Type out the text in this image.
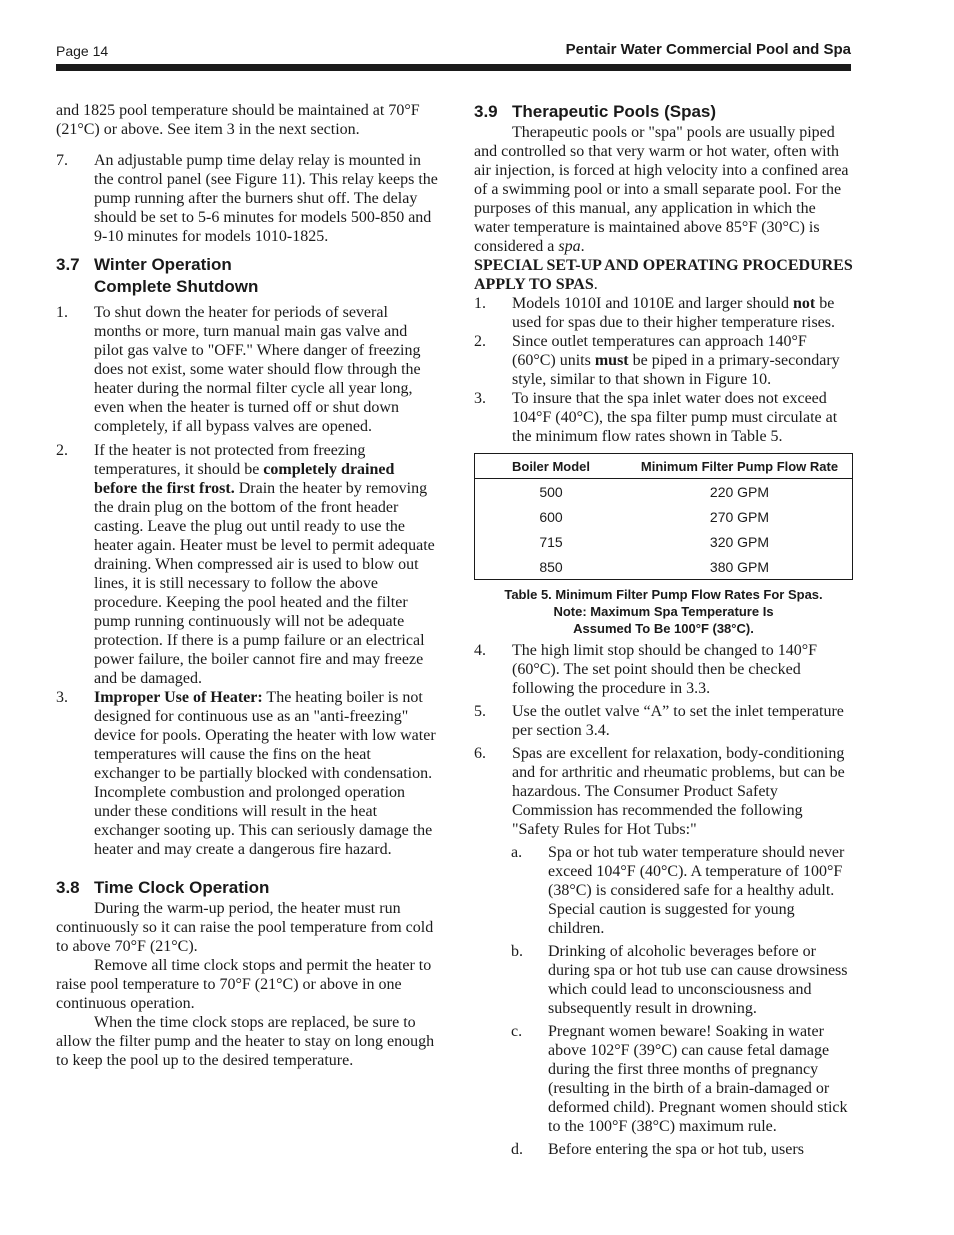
Page 14	Pentair Water Commercial Pool and Spa

and 1825 pool temperature should be maintained at 70°F (21°C) or above. See item 3 in the next section.

7.	An adjustable pump time delay relay is mounted in the control panel (see Figure 11). This relay keeps the pump running after the burners shut off. The delay should be set to 5-6 minutes for models 500-850 and 9-10 minutes for models 1010-1825.
3.7 Winter Operation
Complete Shutdown
1.	To shut down the heater for periods of several months or more, turn manual main gas valve and pilot gas valve to "OFF." Where danger of freezing does not exist, some water should flow through the heater during the normal filter cycle all year long, even when the heater is turned off or shut down completely, if all bypass valves are opened.
2.	If the heater is not protected from freezing temperatures, it should be completely drained before the first frost. Drain the heater by removing the drain plug on the bottom of the front header casting. Leave the plug out until ready to use the heater again. Heater must be level to permit adequate draining. When compressed air is used to blow out lines, it is still necessary to follow the above procedure. Keeping the pool heated and the filter pump running continuously will not be adequate protection. If there is a pump failure or an electrical power failure, the boiler cannot fire and may freeze and be damaged.
3.	Improper Use of Heater: The heating boiler is not designed for continuous use as an "anti-freezing" device for pools. Operating the heater with low water temperatures will cause the fins on the heat exchanger to be partially blocked with condensation. Incomplete combustion and prolonged operation under these conditions will result in the heat exchanger sooting up. This can seriously damage the heater and may create a dangerous fire hazard.
3.8 Time Clock Operation

During the warm-up period, the heater must run continuously so it can raise the pool temperature from cold to above 70°F (21°C).

Remove all time clock stops and permit the heater to raise pool temperature to 70°F (21°C) or above in one continuous operation.

When the time clock stops are replaced, be sure to allow the filter pump and the heater to stay on long enough to keep the pool up to the desired temperature.

3.9 Therapeutic Pools (Spas)

Therapeutic pools or "spa" pools are usually piped and controlled so that very warm or hot water, often with air injection, is forced at high velocity into a confined area of a swimming pool or into a small separate pool. For the purposes of this manual, any application in which the water temperature is maintained above 85°F (30°C) is considered a spa.

SPECIAL SET-UP AND OPERATING PROCEDURES APPLY TO SPAS.

1.	Models 1010I and 1010E and larger should not be used for spas due to their higher temperature rises.
2.	Since outlet temperatures can approach 140°F (60°C) units must be piped in a primary-secondary style, similar to that shown in Figure 10.
3.	To insure that the spa inlet water does not exceed 104°F (40°C), the spa filter pump must circulate at the minimum flow rates shown in Table 5.
Boiler Model	Minimum Filter Pump Flow Rate
500	220 GPM
600	270 GPM
715	320 GPM
850	380 GPM
Table 5. Minimum Filter Pump Flow Rates For Spas.
Note: Maximum Spa Temperature Is
Assumed To Be 100°F (38°C).
4.	The high limit stop should be changed to 140°F (60°C). The set point should then be checked following the procedure in 3.3.
5.	Use the outlet valve “A” to set the inlet temperature per section 3.4.
6.	Spas are excellent for relaxation, body-conditioning and for arthritic and rheumatic problems, but can be hazardous. The Consumer Product Safety Commission has recommended the following "Safety Rules for Hot Tubs:"
a.	Spa or hot tub water temperature should never exceed 104°F (40°C). A temperature of 100°F (38°C) is considered safe for a healthy adult. Special caution is suggested for young children.
b.	Drinking of alcoholic beverages before or during spa or hot tub use can cause drowsiness which could lead to unconsciousness and subsequently result in drowning.
c.	Pregnant women beware! Soaking in water above 102°F (39°C) can cause fetal damage during the first three months of pregnancy (resulting in the birth of a brain-damaged or deformed child). Pregnant women should stick to the 100°F (38°C) maximum rule.
d.	Before entering the spa or hot tub, users
